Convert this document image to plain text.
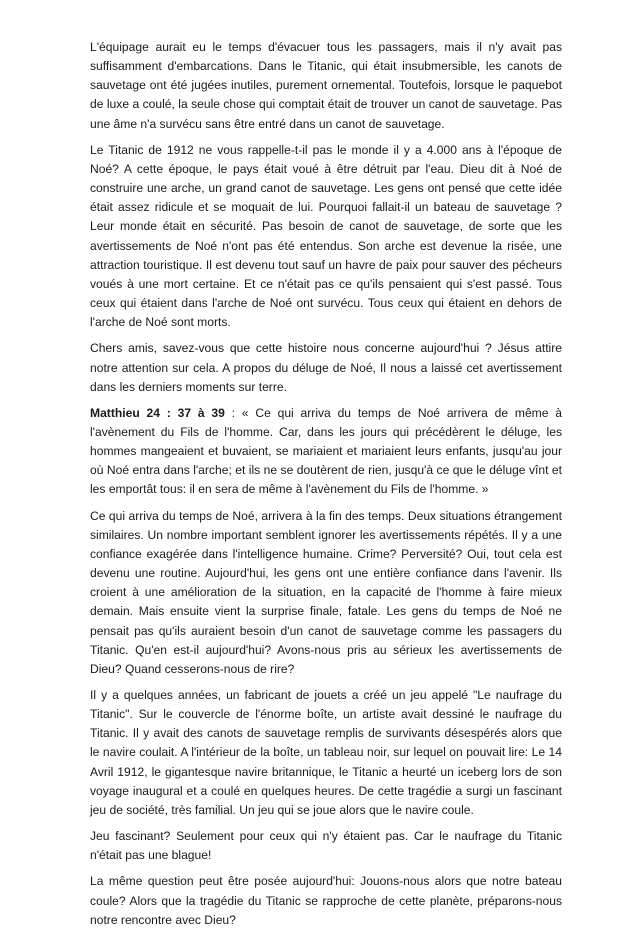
L'équipage aurait eu le temps d'évacuer tous les passagers, mais il n'y avait pas suffisamment d'embarcations. Dans le Titanic, qui était insubmersible, les canots de sauvetage ont été jugées inutiles, purement ornemental. Toutefois, lorsque le paquebot de luxe a coulé, la seule chose qui comptait était de trouver un canot de sauvetage. Pas une âme n'a survécu sans être entré dans un canot de sauvetage.

Le Titanic de 1912 ne vous rappelle-t-il pas le monde il y a 4.000 ans à l'époque de Noé? A cette époque, le pays était voué à être détruit par l'eau. Dieu dit à Noé de construire une arche, un grand canot de sauvetage. Les gens ont pensé que cette idée était assez ridicule et se moquait de lui. Pourquoi fallait-il un bateau de sauvetage ? Leur monde était en sécurité. Pas besoin de canot de sauvetage, de sorte que les avertissements de Noé n'ont pas été entendus. Son arche est devenue la risée, une attraction touristique. Il est devenu tout sauf un havre de paix pour sauver des pécheurs voués à une mort certaine. Et ce n'était pas ce qu'ils pensaient qui s'est passé. Tous ceux qui étaient dans l'arche de Noé ont survécu. Tous ceux qui étaient en dehors de l'arche de Noé sont morts.

Chers amis, savez-vous que cette histoire nous concerne aujourd'hui ? Jésus attire notre attention sur cela. A propos du déluge de Noé, Il nous a laissé cet avertissement dans les derniers moments sur terre.

Matthieu 24 : 37 à 39 : « Ce qui arriva du temps de Noé arrivera de même à l'avènement du Fils de l'homme. Car, dans les jours qui précédèrent le déluge, les hommes mangeaient et buvaient, se mariaient et mariaient leurs enfants, jusqu'au jour où Noé entra dans l'arche; et ils ne se doutèrent de rien, jusqu'à ce que le déluge vînt et les emportât tous: il en sera de même à l'avènement du Fils de l'homme. »

Ce qui arriva du temps de Noé, arrivera à la fin des temps. Deux situations étrangement similaires. Un nombre important semblent ignorer les avertissements répétés. Il y a une confiance exagérée dans l'intelligence humaine. Crime? Perversité? Oui, tout cela est devenu une routine. Aujourd'hui, les gens ont une entière confiance dans l'avenir. Ils croient à une amélioration de la situation, en la capacité de l'homme à faire mieux demain. Mais ensuite vient la surprise finale, fatale. Les gens du temps de Noé ne pensait pas qu'ils auraient besoin d'un canot de sauvetage comme les passagers du Titanic. Qu'en est-il aujourd'hui? Avons-nous pris au sérieux les avertissements de Dieu? Quand cesserons-nous de rire?

Il y a quelques années, un fabricant de jouets a créé un jeu appelé "Le naufrage du Titanic". Sur le couvercle de l'énorme boîte, un artiste avait dessiné le naufrage du Titanic. Il y avait des canots de sauvetage remplis de survivants désespérés alors que le navire coulait. A l'intérieur de la boîte, un tableau noir, sur lequel on pouvait lire: Le 14 Avril 1912, le gigantesque navire britannique, le Titanic a heurté un iceberg lors de son voyage inaugural et a coulé en quelques heures. De cette tragédie a surgi un fascinant jeu de société, très familial. Un jeu qui se joue alors que le navire coule.

Jeu fascinant? Seulement pour ceux qui n'y étaient pas. Car le naufrage du Titanic n'était pas une blague!

La même question peut être posée aujourd'hui: Jouons-nous alors que notre bateau coule? Alors que la tragédie du Titanic se rapproche de cette planète, préparons-nous notre rencontre avec Dieu?
